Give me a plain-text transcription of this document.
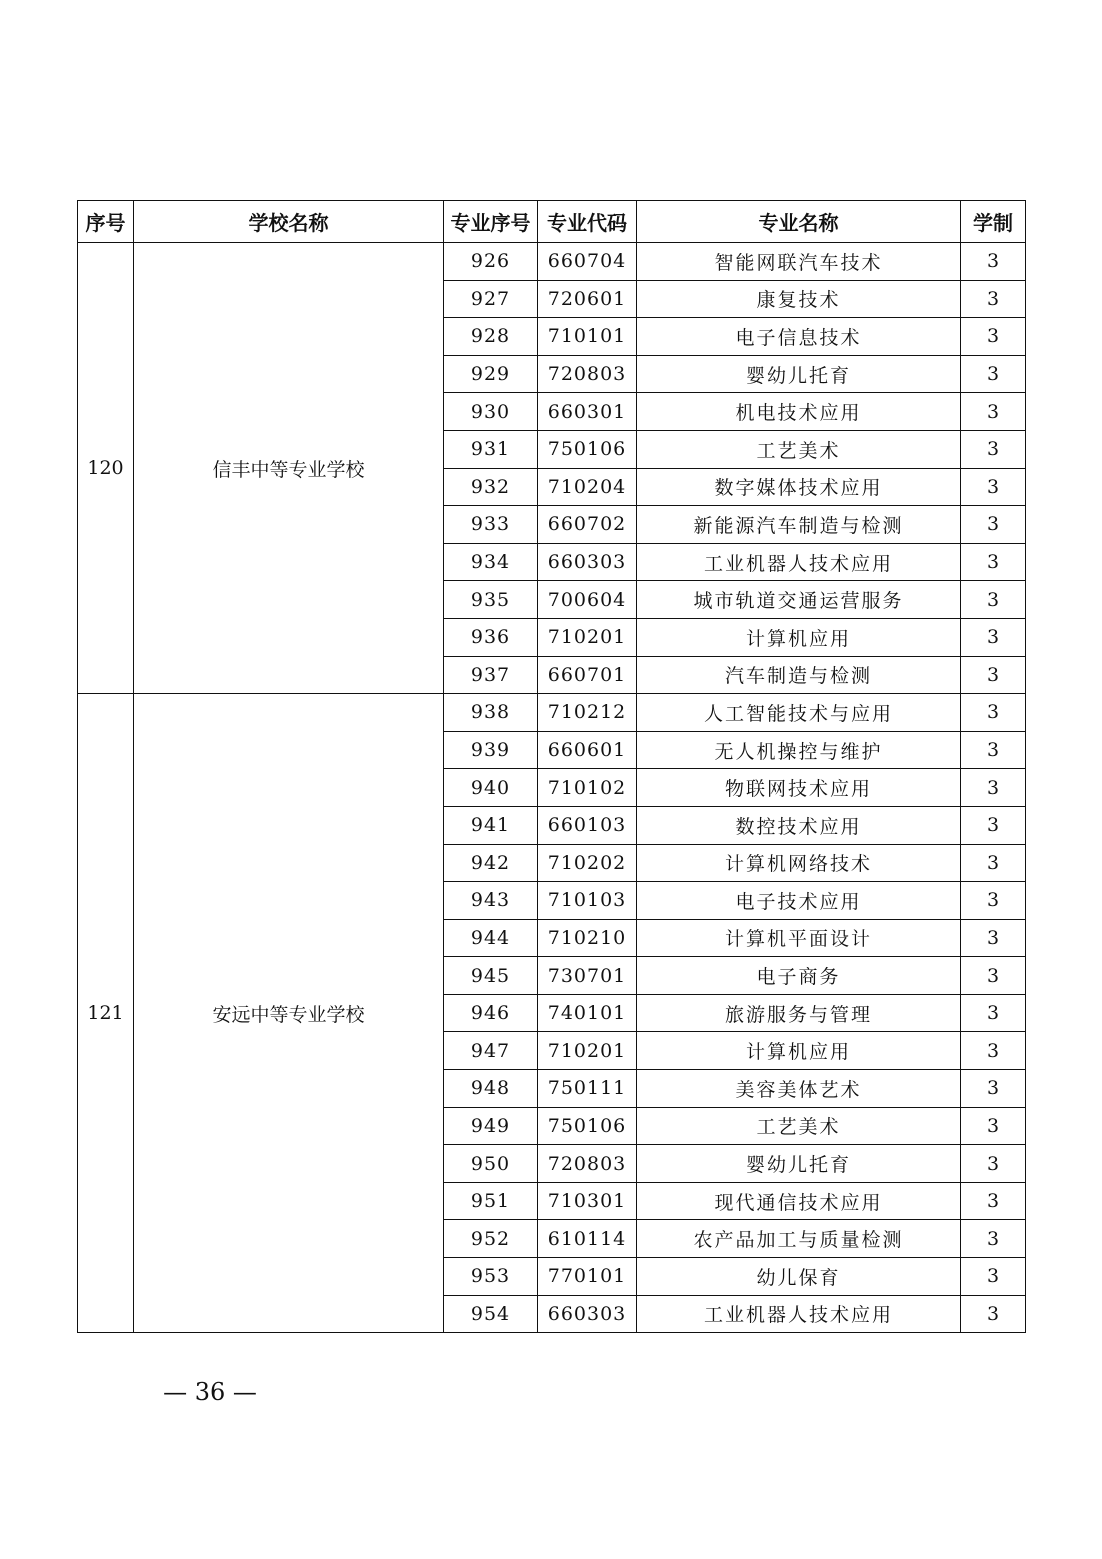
序号	学校名称	专业序号	专业代码	专业名称	学制
120	信丰中等专业学校	926	660704	智能网联汽车技术	3
		927	720601	康复技术	3
		928	710101	电子信息技术	3
		929	720803	婴幼儿托育	3
		930	660301	机电技术应用	3
		931	750106	工艺美术	3
		932	710204	数字媒体技术应用	3
		933	660702	新能源汽车制造与检测	3
		934	660303	工业机器人技术应用	3
		935	700604	城市轨道交通运营服务	3
		936	710201	计算机应用	3
		937	660701	汽车制造与检测	3
121	安远中等专业学校	938	710212	人工智能技术与应用	3
		939	660601	无人机操控与维护	3
		940	710102	物联网技术应用	3
		941	660103	数控技术应用	3
		942	710202	计算机网络技术	3
		943	710103	电子技术应用	3
		944	710210	计算机平面设计	3
		945	730701	电子商务	3
		946	740101	旅游服务与管理	3
		947	710201	计算机应用	3
		948	750111	美容美体艺术	3
		949	750106	工艺美术	3
		950	720803	婴幼儿托育	3
		951	710301	现代通信技术应用	3
		952	610114	农产品加工与质量检测	3
		953	770101	幼儿保育	3
		954	660303	工业机器人技术应用	3
— 36 —
